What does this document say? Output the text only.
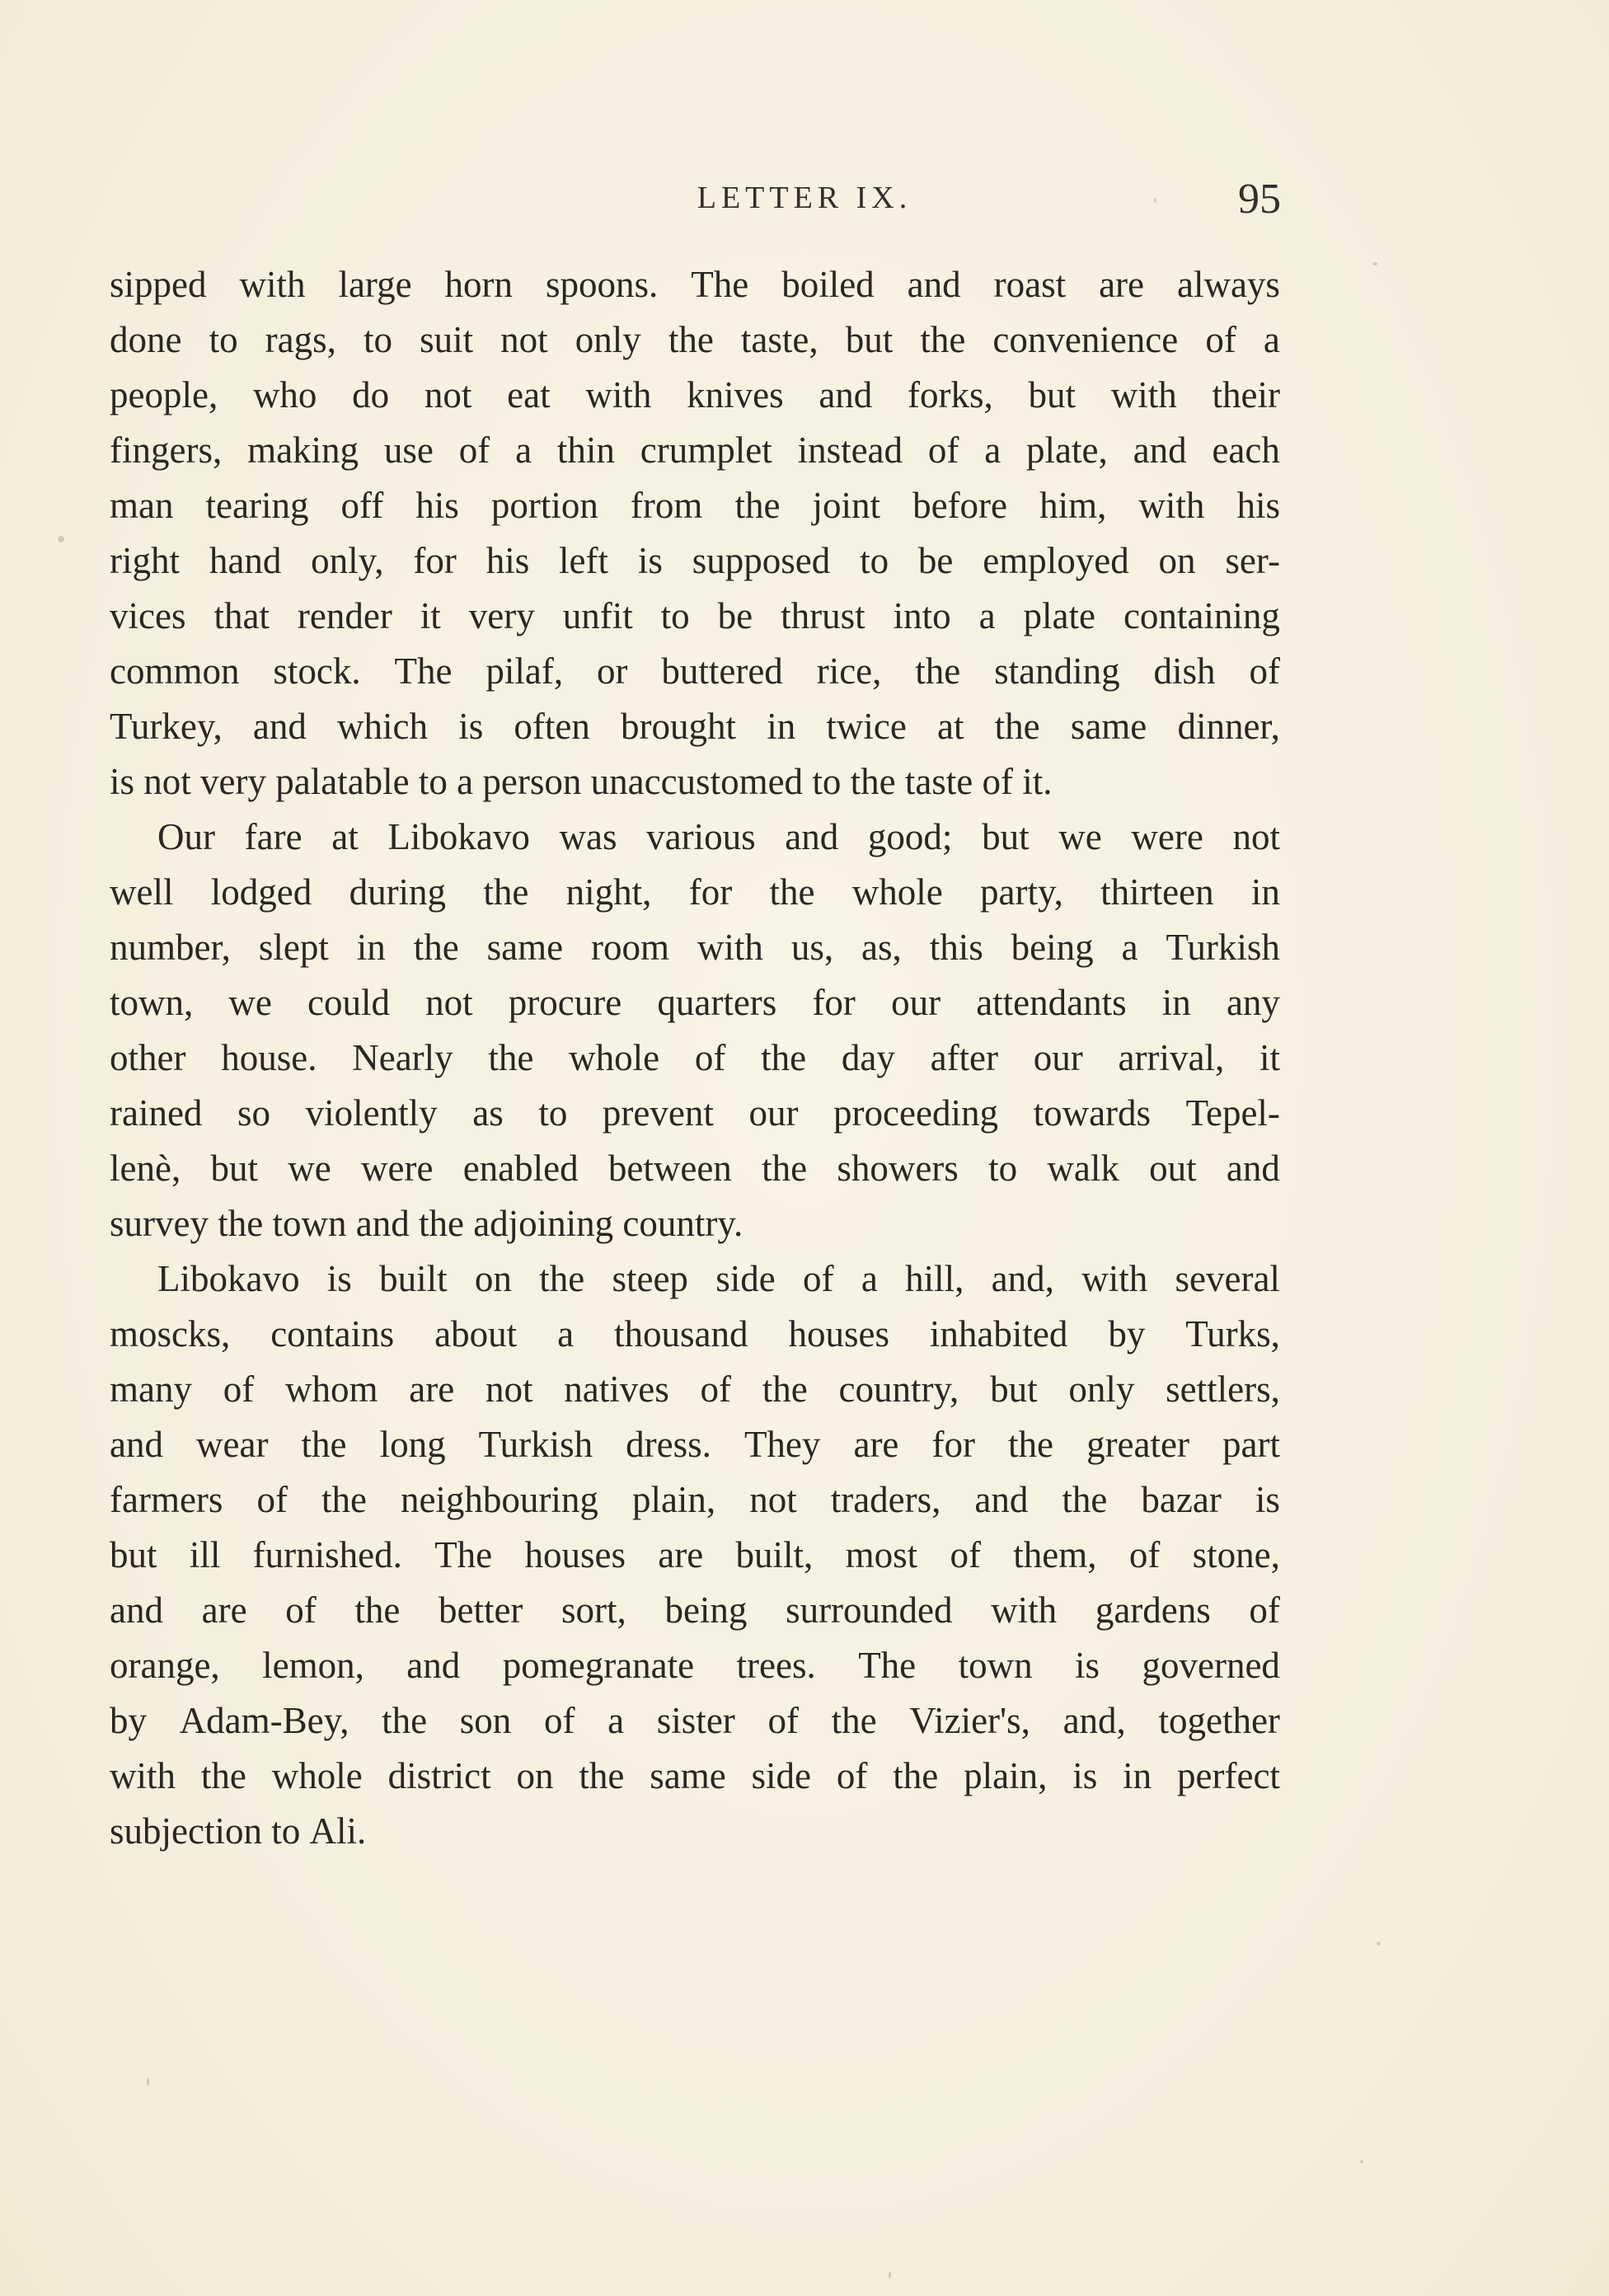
LETTER IX.	95
sipped with large horn spoons. The boiled and roast are always
done to rags, to suit not only the taste, but the convenience of a
people, who do not eat with knives and forks, but with their
fingers, making use of a thin crumplet instead of a plate, and each
man tearing off his portion from the joint before him, with his
right hand only, for his left is supposed to be employed on ser-
vices that render it very unfit to be thrust into a plate containing
common stock. The pilaf, or buttered rice, the standing dish of
Turkey, and which is often brought in twice at the same dinner,
is not very palatable to a person unaccustomed to the taste of it.
Our fare at Libokavo was various and good; but we were not
well lodged during the night, for the whole party, thirteen in
number, slept in the same room with us, as, this being a Turkish
town, we could not procure quarters for our attendants in any
other house. Nearly the whole of the day after our arrival, it
rained so violently as to prevent our proceeding towards Tepel-
lenè, but we were enabled between the showers to walk out and
survey the town and the adjoining country.
Libokavo is built on the steep side of a hill, and, with several
moscks, contains about a thousand houses inhabited by Turks,
many of whom are not natives of the country, but only settlers,
and wear the long Turkish dress. They are for the greater part
farmers of the neighbouring plain, not traders, and the bazar is
but ill furnished. The houses are built, most of them, of stone,
and are of the better sort, being surrounded with gardens of
orange, lemon, and pomegranate trees. The town is governed
by Adam-Bey, the son of a sister of the Vizier's, and, together
with the whole district on the same side of the plain, is in perfect
subjection to Ali.
